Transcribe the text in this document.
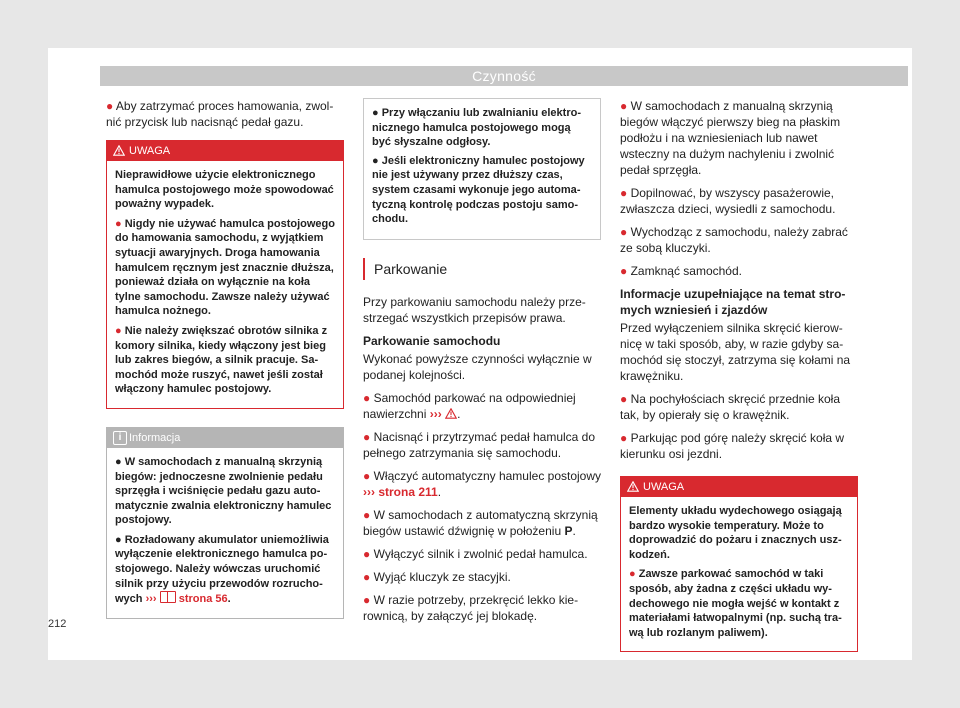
Czynność

● Aby zatrzymać proces hamowania, zwolnić przycisk lub nacisnąć pedał gazu.

UWAGA

Nieprawidłowe użycie elektronicznego hamulca postojowego może spowodować poważny wypadek.

● Nigdy nie używać hamulca postojowego do hamowania samochodu, z wyjątkiem sytuacji awaryjnych. Droga hamowania hamulcem ręcznym jest znacznie dłuższa, ponieważ działa on wyłącznie na koła tylne samochodu. Zawsze należy używać hamulca nożnego.

● Nie należy zwiększać obrotów silnika z komory silnika, kiedy włączony jest bieg lub zakres biegów, a silnik pracuje. Samochód może ruszyć, nawet jeśli został włączony hamulec postojowy.

i Informacja

● W samochodach z manualną skrzynią biegów: jednoczesne zwolnienie pedału sprzęgła i wciśnięcie pedału gazu automatycznie zwalnia elektroniczny hamulec postojowy.

● Rozładowany akumulator uniemożliwia wyłączenie elektronicznego hamulca postojowego. Należy wówczas uruchomić silnik przy użyciu przewodów rozruchowych ››› strona 56.

● Przy włączaniu lub zwalnianiu elektronicznego hamulca postojowego mogą być słyszalne odgłosy.

● Jeśli elektroniczny hamulec postojowy nie jest używany przez dłuższy czas, system czasami wykonuje jego automatyczną kontrolę podczas postoju samochodu.

Parkowanie

Przy parkowaniu samochodu należy przestrzegać wszystkich przepisów prawa.

Parkowanie samochodu

Wykonać powyższe czynności wyłącznie w podanej kolejności.

● Samochód parkować na odpowiedniej nawierzchni ››› .

● Nacisnąć i przytrzymać pedał hamulca do pełnego zatrzymania się samochodu.

● Włączyć automatyczny hamulec postojowy ››› strona 211.

● W samochodach z automatyczną skrzynią biegów ustawić dźwignię w położeniu P.

● Wyłączyć silnik i zwolnić pedał hamulca.

● Wyjąć kluczyk ze stacyjki.

● W razie potrzeby, przekręcić lekko kierownicą, by załączyć jej blokadę.

● W samochodach z manualną skrzynią biegów włączyć pierwszy bieg na płaskim podłożu i na wzniesieniach lub nawet wsteczny na dużym nachyleniu i zwolnić pedał sprzęgła.

● Dopilnować, by wszyscy pasażerowie, zwłaszcza dzieci, wysiedli z samochodu.

● Wychodząc z samochodu, należy zabrać ze sobą kluczyki.

● Zamknąć samochód.

Informacje uzupełniające na temat stromych wzniesień i zjazdów

Przed wyłączeniem silnika skręcić kierownicę w taki sposób, aby, w razie gdyby samochód się stoczył, zatrzyma się kołami na krawężniku.

● Na pochyłościach skręcić przednie koła tak, by opierały się o krawężnik.

● Parkując pod górę należy skręcić koła w kierunku osi jezdni.

UWAGA

Elementy układu wydechowego osiągają bardzo wysokie temperatury. Może to doprowadzić do pożaru i znacznych uszkodzeń.

● Zawsze parkować samochód w taki sposób, aby żadna z części układu wydechowego nie mogła wejść w kontakt z materiałami łatwopalnymi (np. suchą trawą lub rozlanym paliwem).

212
